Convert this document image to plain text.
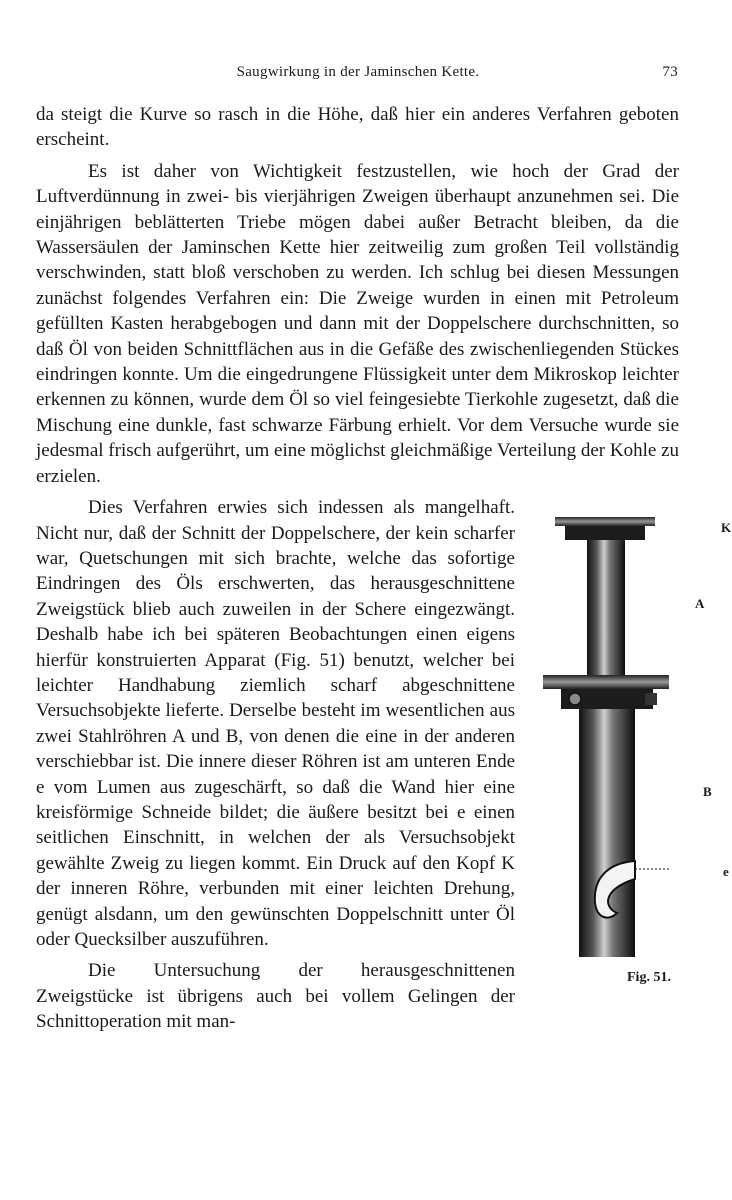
Saugwirkung in der Jaminschen Kette.	73

da steigt die Kurve so rasch in die Höhe, daß hier ein anderes Verfahren geboten erscheint.

Es ist daher von Wichtigkeit festzustellen, wie hoch der Grad der Luftverdünnung in zwei- bis vierjährigen Zweigen überhaupt anzunehmen sei. Die einjährigen beblätterten Triebe mögen dabei außer Betracht bleiben, da die Wassersäulen der Jaminschen Kette hier zeitweilig zum großen Teil vollständig verschwinden, statt bloß verschoben zu werden. Ich schlug bei diesen Messungen zunächst folgendes Verfahren ein: Die Zweige wurden in einen mit Petroleum gefüllten Kasten herabgebogen und dann mit der Doppelschere durchschnitten, so daß Öl von beiden Schnittflächen aus in die Gefäße des zwischenliegenden Stückes eindringen konnte. Um die eingedrungene Flüssigkeit unter dem Mikroskop leichter erkennen zu können, wurde dem Öl so viel feingesiebte Tierkohle zugesetzt, daß die Mischung eine dunkle, fast schwarze Färbung erhielt. Vor dem Versuche wurde sie jedesmal frisch aufgerührt, um eine möglichst gleichmäßige Verteilung der Kohle zu erzielen.

K
A
B
e
Fig. 51.
Dies Verfahren erwies sich indessen als mangelhaft. Nicht nur, daß der Schnitt der Doppelschere, der kein scharfer war, Quetschungen mit sich brachte, welche das sofortige Eindringen des Öls erschwerten, das herausgeschnittene Zweigstück blieb auch zuweilen in der Schere eingezwängt. Deshalb habe ich bei späteren Beobachtungen einen eigens hierfür konstruierten Apparat (Fig. 51) benutzt, welcher bei leichter Handhabung ziemlich scharf abgeschnittene Versuchsobjekte lieferte. Derselbe besteht im wesentlichen aus zwei Stahlröhren A und B, von denen die eine in der anderen verschiebbar ist. Die innere dieser Röhren ist am unteren Ende e vom Lumen aus zugeschärft, so daß die Wand hier eine kreisförmige Schneide bildet; die äußere besitzt bei e einen seitlichen Einschnitt, in welchen der als Versuchsobjekt gewählte Zweig zu liegen kommt. Ein Druck auf den Kopf K der inneren Röhre, verbunden mit einer leichten Drehung, genügt alsdann, um den gewünschten Doppelschnitt unter Öl oder Quecksilber auszuführen.

Die Untersuchung der herausgeschnittenen Zweigstücke ist übrigens auch bei vollem Gelingen der Schnittoperation mit man-
